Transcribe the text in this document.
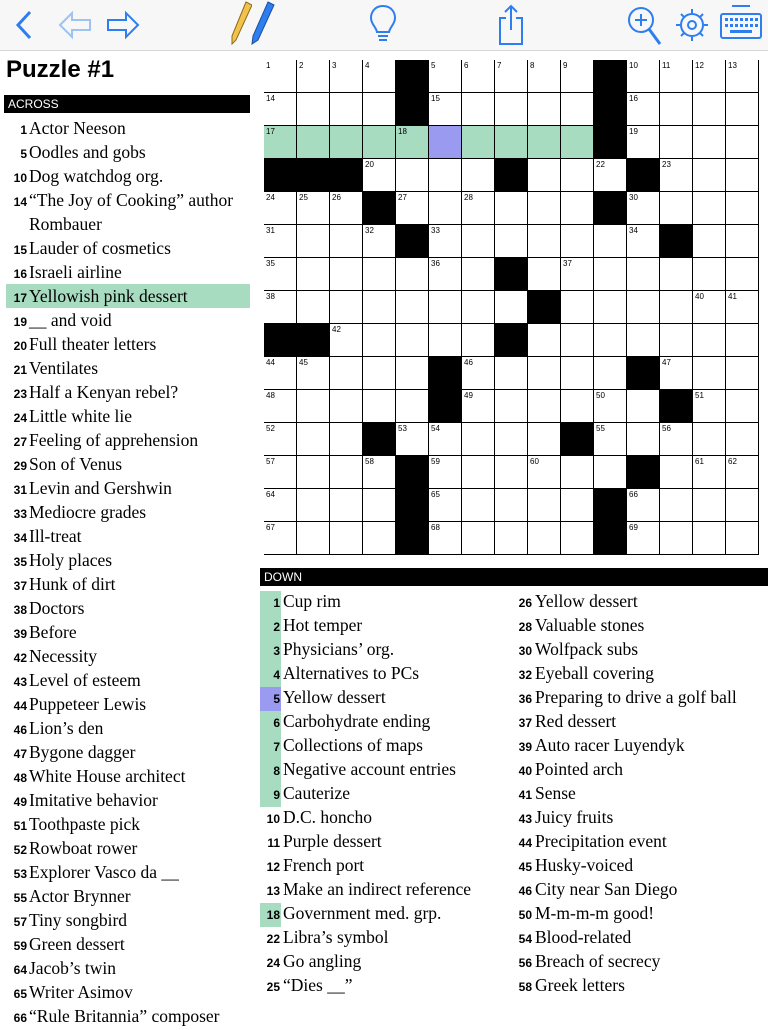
Puzzle #1
ACROSS
1 Actor Neeson
5 Oodles and gobs
10 Dog watchdog org.
14 “The Joy of Cooking” author Rombauer
15 Lauder of cosmetics
16 Israeli airline
17 Yellowish pink dessert
19 __ and void
20 Full theater letters
21 Ventilates
23 Half a Kenyan rebel?
24 Little white lie
27 Feeling of apprehension
29 Son of Venus
31 Levin and Gershwin
33 Mediocre grades
34 Ill-treat
35 Holy places
37 Hunk of dirt
38 Doctors
39 Before
42 Necessity
43 Level of esteem
44 Puppeteer Lewis
46 Lion’s den
47 Bygone dagger
48 White House architect
49 Imitative behavior
51 Toothpaste pick
52 Rowboat rower
53 Explorer Vasco da __
55 Actor Brynner
57 Tiny songbird
59 Green dessert
64 Jacob’s twin
65 Writer Asimov
66 “Rule Britannia” composer
1	2	3	4	5	6	7	8	9	10	11	12	13
14	15	16
17	18	19
20	22	23
24	25	26	27	28	30
31	32	33	34
35	36	37
38	40	41
42
44	45	46	47
48	49	50	51
52	53	54	55	56
57	58	59	60	61	62
64	65	66
67	68	69
DOWN
1 Cup rim
2 Hot temper
3 Physicians’ org.
4 Alternatives to PCs
5 Yellow dessert
6 Carbohydrate ending
7 Collections of maps
8 Negative account entries
9 Cauterize
10 D.C. honcho
11 Purple dessert
12 French port
13 Make an indirect reference
18 Government med. grp.
22 Libra’s symbol
24 Go angling
25 “Dies __”
26 Yellow dessert
28 Valuable stones
30 Wolfpack subs
32 Eyeball covering
36 Preparing to drive a golf ball
37 Red dessert
39 Auto racer Luyendyk
40 Pointed arch
41 Sense
43 Juicy fruits
44 Precipitation event
45 Husky-voiced
46 City near San Diego
50 M-m-m-m good!
54 Blood-related
56 Breach of secrecy
58 Greek letters
